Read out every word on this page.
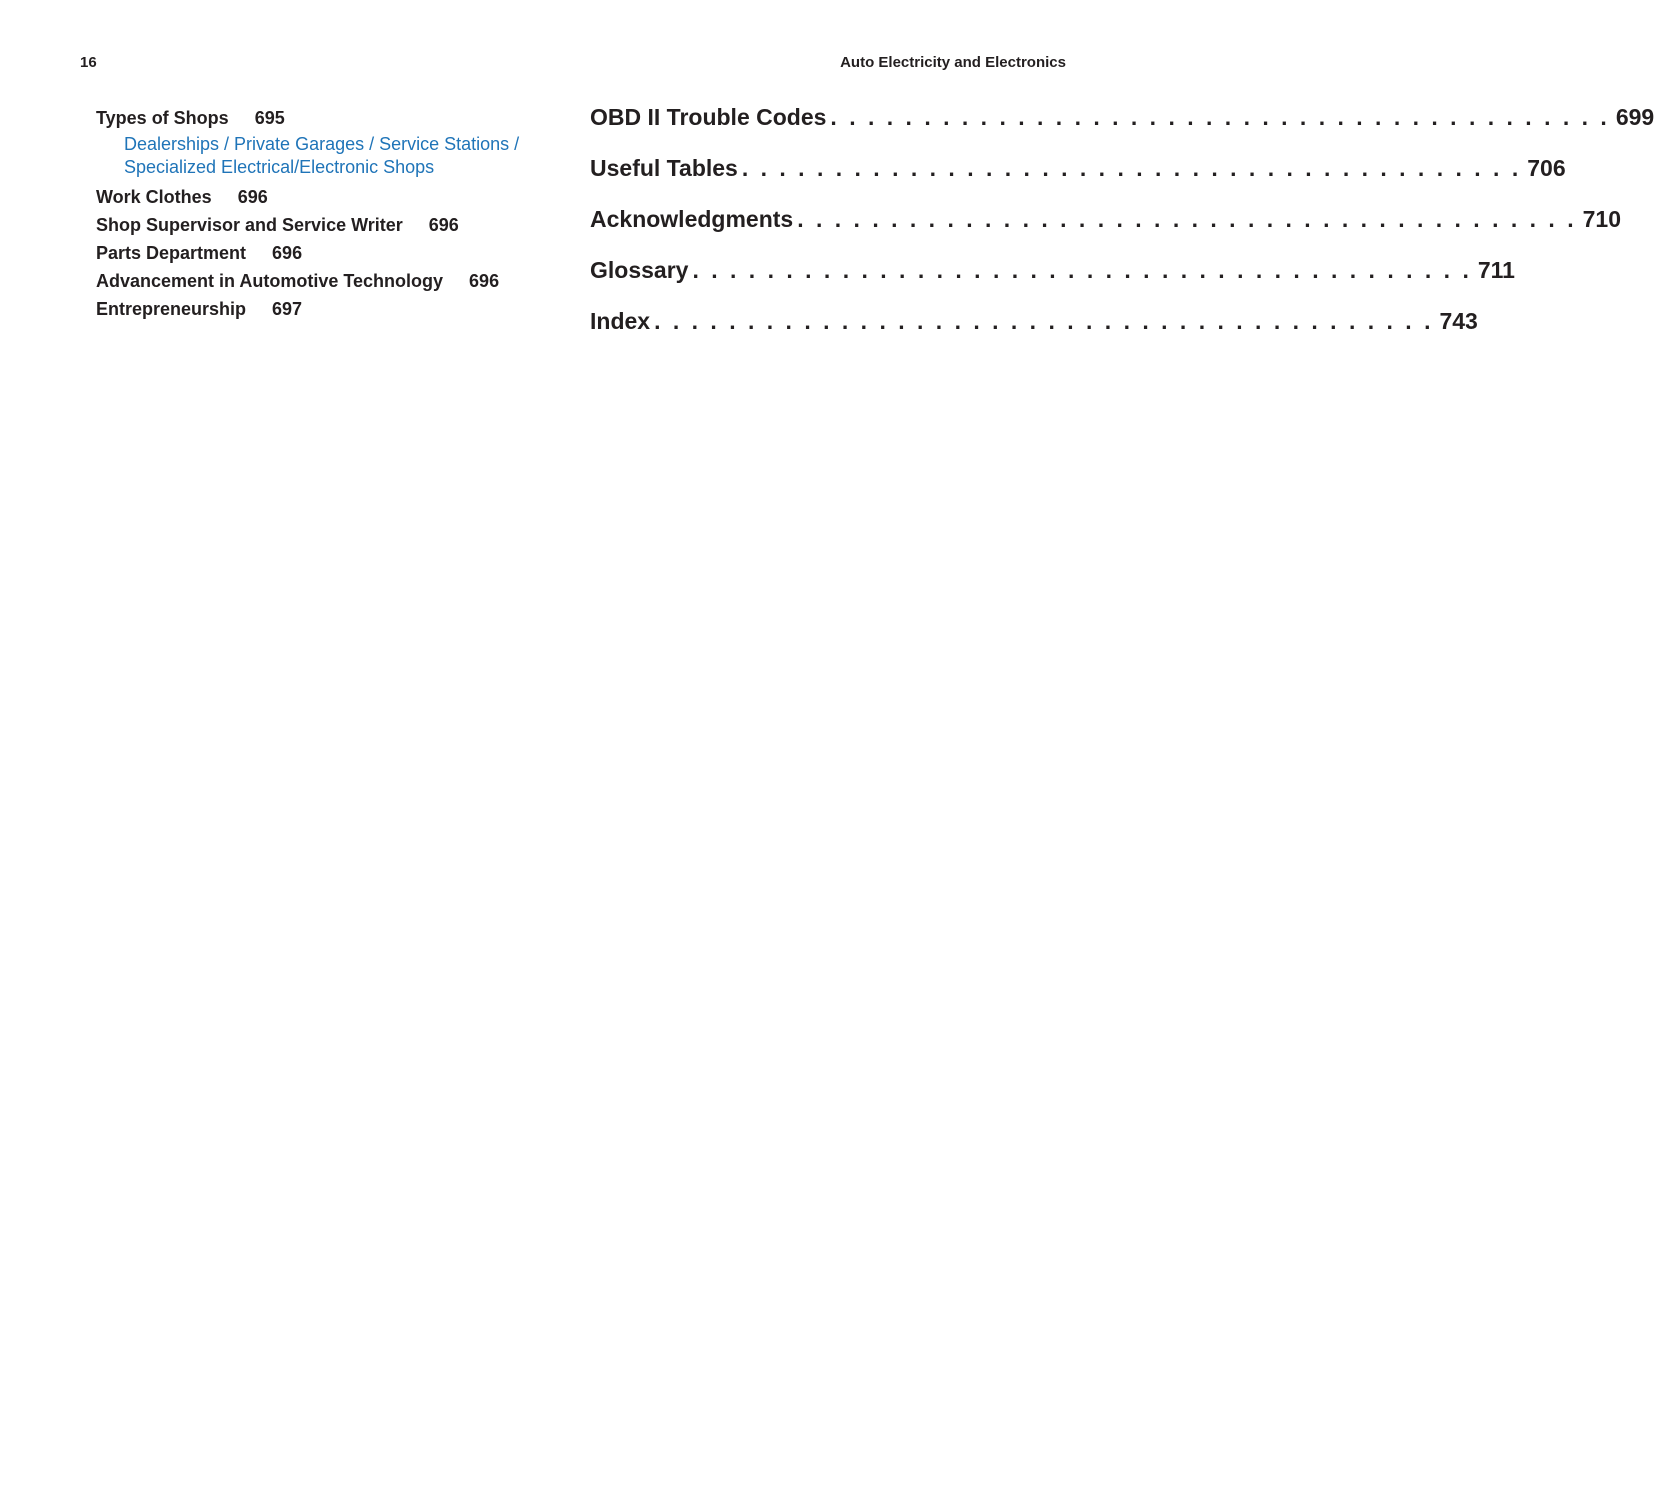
16	Auto Electricity and Electronics
Types of Shops 695
Dealerships / Private Garages / Service Stations / Specialized Electrical/Electronic Shops
Work Clothes 696
Shop Supervisor and Service Writer 696
Parts Department 696
Advancement in Automotive Technology 696
Entrepreneurship 697
OBD II Trouble Codes . . . . . . . . . . . . . . . . . . . . . . . . . . . . . . . . . . . . . . . . . . 699
Useful Tables . . . . . . . . . . . . . . . . . . . . . . . . . . . . . . . . . . . . . . . . . . 706
Acknowledgments . . . . . . . . . . . . . . . . . . . . . . . . . . . . . . . . . . . . . . . . . . 710
Glossary . . . . . . . . . . . . . . . . . . . . . . . . . . . . . . . . . . . . . . . . . . 711
Index . . . . . . . . . . . . . . . . . . . . . . . . . . . . . . . . . . . . . . . . . . 743
